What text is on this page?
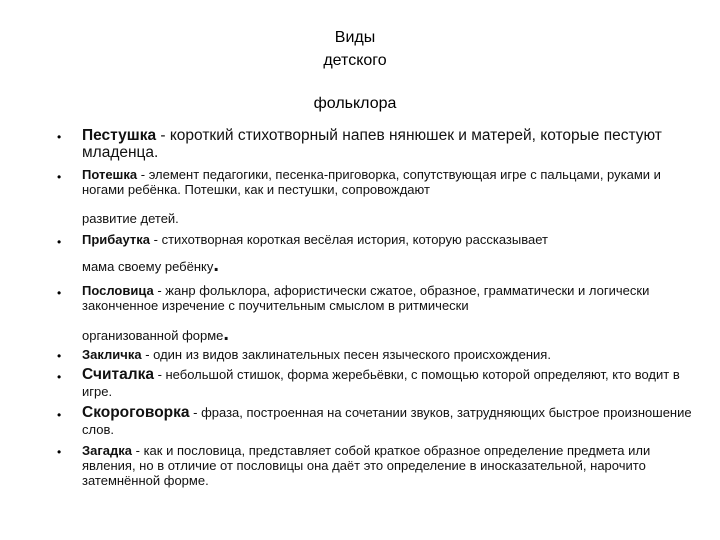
Виды
детского
фольклора
• Пестушка - короткий стихотворный напев нянюшек и матерей, которые пестуют младенца.
• Потешка - элемент педагогики, песенка-приговорка, сопутствующая игре с пальцами, руками и ногами ребёнка. Потешки, как и пестушки, сопровождают
развитие детей.
• Прибаутка - стихотворная короткая весёлая история, которую рассказывает
мама своему ребёнку.
• Пословица - жанр фольклора, афористически сжатое, образное, грамматически и логически законченное изречение с поучительным смыслом в ритмически
организованной форме.
• Закличка - один из видов заклинательных песен языческого происхождения.
• Считалка - небольшой стишок, форма жеребьёвки, с помощью которой определяют, кто водит в игре.
• Скороговорка - фраза, построенная на сочетании звуков, затрудняющих быстрое произношение слов.
• Загадка - как и пословица, представляет собой краткое образное определение предмета или явления, но в отличие от пословицы она даёт это определение в иносказательной, нарочито затемнённой форме.
